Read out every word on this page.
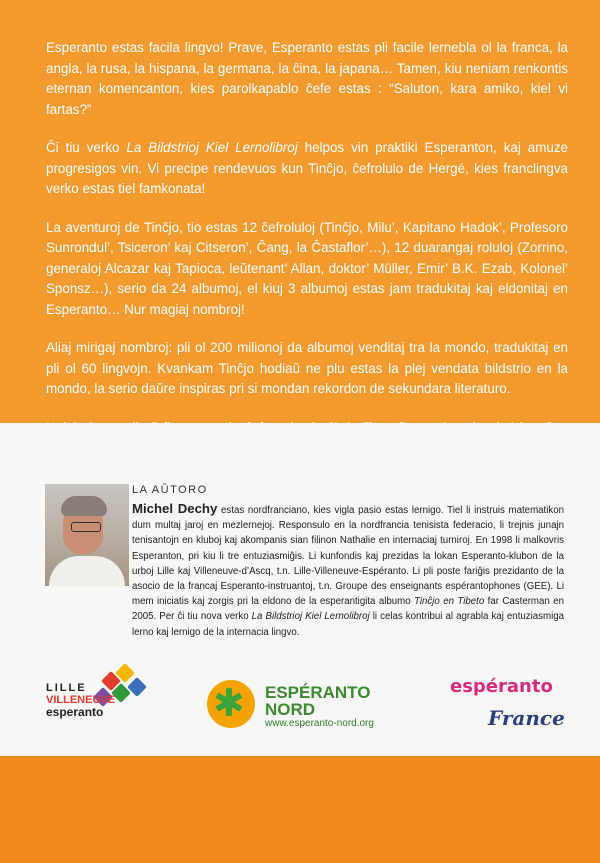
Esperanto estas facila lingvo! Prave, Esperanto estas pli facile lernebla ol la franca, la angla, la rusa, la hispana, la germana, la ĉina, la japana… Tamen, kiu neniam renkontis eternan komencanton, kies parolkapablo ĉefe estas : “Saluton, kara amiko, kiel vi fartas?”

Ĉi tiu verko La Bildstrioj Kiel Lernolibroj helpos vin praktiki Esperanton, kaj amuze progresigos vin. Vi precipe rendevuos kun Tinĉjo, ĉefrolulo de Hergé, kies franclingva verko estas tiel famkonata!

La aventuroj de Tinĉjo, tio estas 12 ĉefroluloj (Tinĉjo, Milu’, Kapitano Hadok’, Profesoro Sunrondul’, Tsiceron’ kaj Citseron’, Ĉang, la Ĉastaflor’…), 12 duarangaj roluloj (Zorrino, generaloj Alcazar kaj Tapioca, leŭtenant’ Allan, doktor’ Müller, Emir’ B.K. Ezab, Kolonel’ Sponsz…), serio da 24 albumoj, el kiuj 3 albumoj estas jam tradukitaj kaj eldonitaj en Esperanto… Nur magiaj nombroj!

Aliaj mirigaj nombroj: pli ol 200 milionoj da albumoj venditaj tra la mondo, tradukitaj en pli ol 60 lingvojn. Kvankam Tinĉjo hodiaŭ ne plu estas la plej vendata bildstrio en la mondo, la serio daŭre inspiras pri si mondan rekordon de sekundara literaturo.

LA AŬTORO
Michel Dechy estas nordfranciano, kies vigla pasio estas lernigo. Tiel li instruis matematikon dum multaj jaroj en mezlernejoj. Responsulo en la nordfrancia tenisista federacio, li trejnis junajn tenisantojn en kluboj kaj akompanis sian filinon Nathalie en internaciaj turniroj. En 1998 li malkovris Esperanton, pri kiu li tre entuziasmiĝis. Li kunfondis kaj prezidas la lokan Esperanto-klubon de la urboj Lille kaj Villeneuve-d’Ascq, t.n. Lille-Villeneuve-Espéranto. Li pli poste fariĝis prezidanto de la asocio de la francaj Esperanto-instruantoj, t.n. Groupe des enseignants espérantophones (GEE). Li mem iniciatis kaj zorgis pri la eldono de la esperantigita albumo Tinĉjo en Tibeto far Casterman en 2005. Per ĉi tiu nova verko La Bildstrioj Kiel Lernolibroj li celas kontribui al agrabla kaj entuziasmiga lerno kaj lernigo de la internacia lingvo.
LILLE
VILLENEUVE
esperanto	✱ ESPÉRANTO
NORD
www.esperanto-nord.org
espéranto
France
